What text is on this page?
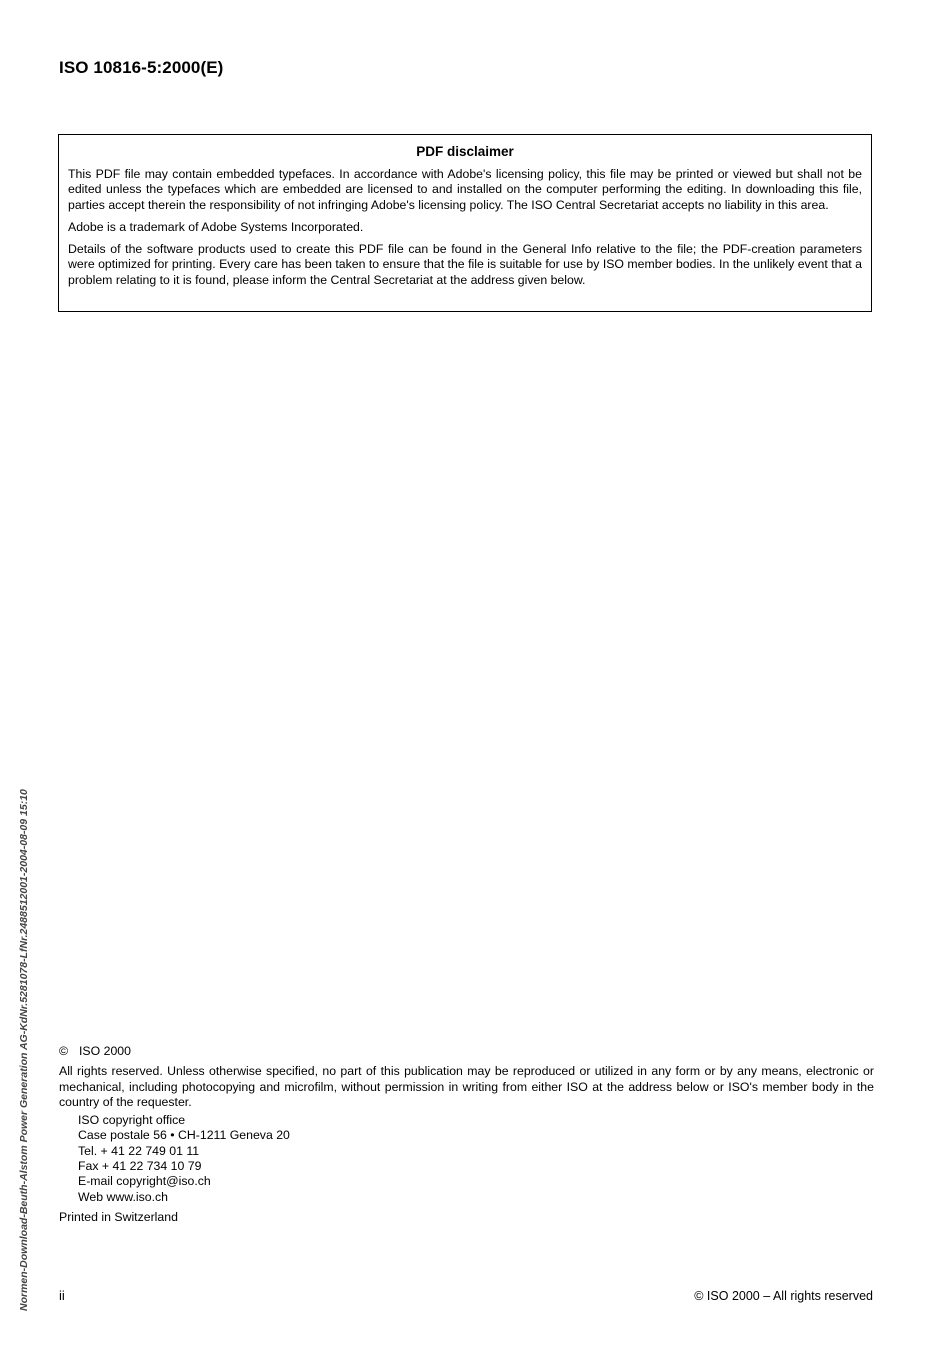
ISO 10816-5:2000(E)
PDF disclaimer

This PDF file may contain embedded typefaces. In accordance with Adobe's licensing policy, this file may be printed or viewed but shall not be edited unless the typefaces which are embedded are licensed to and installed on the computer performing the editing. In downloading this file, parties accept therein the responsibility of not infringing Adobe's licensing policy. The ISO Central Secretariat accepts no liability in this area.

Adobe is a trademark of Adobe Systems Incorporated.

Details of the software products used to create this PDF file can be found in the General Info relative to the file; the PDF-creation parameters were optimized for printing. Every care has been taken to ensure that the file is suitable for use by ISO member bodies. In the unlikely event that a problem relating to it is found, please inform the Central Secretariat at the address given below.

© ISO 2000

All rights reserved. Unless otherwise specified, no part of this publication may be reproduced or utilized in any form or by any means, electronic or mechanical, including photocopying and microfilm, without permission in writing from either ISO at the address below or ISO's member body in the country of the requester.

ISO copyright office
Case postale 56 • CH-1211 Geneva 20
Tel. + 41 22 749 01 11
Fax + 41 22 734 10 79
E-mail copyright@iso.ch
Web www.iso.ch

Printed in Switzerland

ii	© ISO 2000 – All rights reserved
Normen-Download-Beuth-Alstom Power Generation AG-KdNr.5281078-LfNr.2488512001-2004-08-09 15:10
